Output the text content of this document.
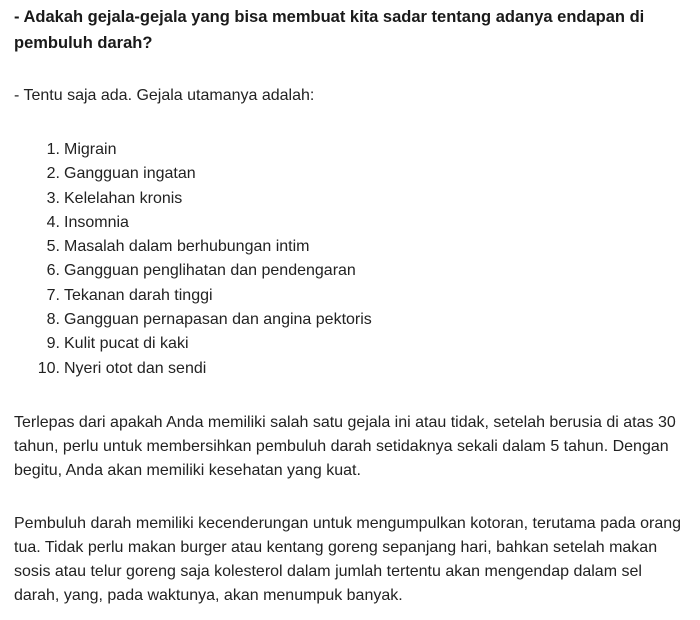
- Adakah gejala-gejala yang bisa membuat kita sadar tentang adanya endapan di pembuluh darah?

- Tentu saja ada. Gejala utamanya adalah:

1. Migrain
2. Gangguan ingatan
3. Kelelahan kronis
4. Insomnia
5. Masalah dalam berhubungan intim
6. Gangguan penglihatan dan pendengaran
7. Tekanan darah tinggi
8. Gangguan pernapasan dan angina pektoris
9. Kulit pucat di kaki
10. Nyeri otot dan sendi

Terlepas dari apakah Anda memiliki salah satu gejala ini atau tidak, setelah berusia di atas 30 tahun, perlu untuk membersihkan pembuluh darah setidaknya sekali dalam 5 tahun. Dengan begitu, Anda akan memiliki kesehatan yang kuat.

Pembuluh darah memiliki kecenderungan untuk mengumpulkan kotoran, terutama pada orang tua. Tidak perlu makan burger atau kentang goreng sepanjang hari, bahkan setelah makan sosis atau telur goreng saja kolesterol dalam jumlah tertentu akan mengendap dalam sel darah, yang, pada waktunya, akan menumpuk banyak.
